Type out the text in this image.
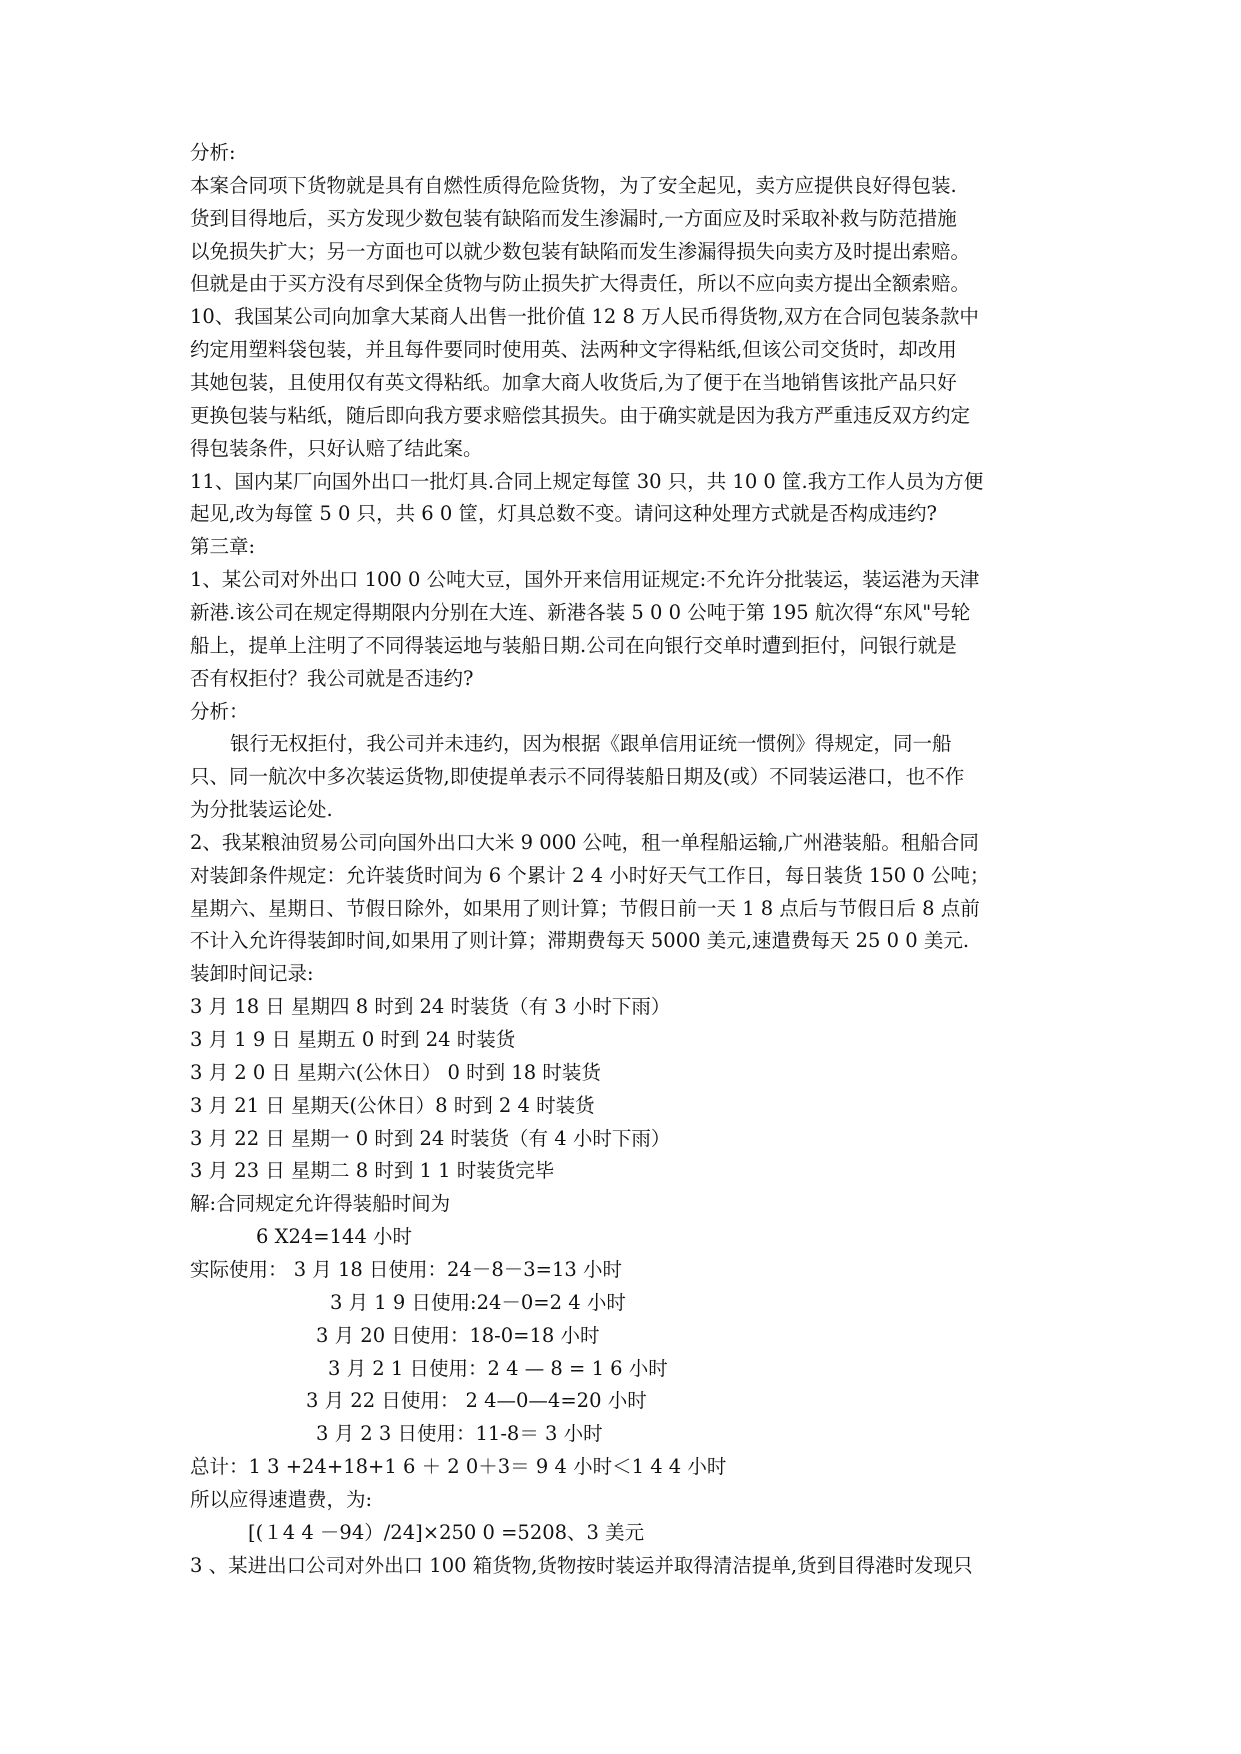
分析:
本案合同项下货物就是具有自燃性质得危险货物，为了安全起见，卖方应提供良好得包装.
货到目得地后，买方发现少数包装有缺陷而发生渗漏时,一方面应及时采取补救与防范措施
以免损失扩大；另一方面也可以就少数包装有缺陷而发生渗漏得损失向卖方及时提出索赔。
但就是由于买方没有尽到保全货物与防止损失扩大得责任，所以不应向卖方提出全额索赔。
10、我国某公司向加拿大某商人出售一批价值 12 8 万人民币得货物,双方在合同包装条款中
约定用塑料袋包装，并且每件要同时使用英、法两种文字得粘纸,但该公司交货时，却改用
其她包装，且使用仅有英文得粘纸。加拿大商人收货后,为了便于在当地销售该批产品只好
更换包装与粘纸，随后即向我方要求赔偿其损失。由于确实就是因为我方严重违反双方约定
得包装条件，只好认赔了结此案。
11、国内某厂向国外出口一批灯具.合同上规定每筐 30 只，共 10 0 筐.我方工作人员为方便
起见,改为每筐 5 0 只，共 6 0 筐，灯具总数不变。请问这种处理方式就是否构成违约?
第三章:
1、某公司对外出口 100 0 公吨大豆，国外开来信用证规定:不允许分批装运，装运港为天津
新港.该公司在规定得期限内分别在大连、新港各装 5 0 0 公吨于第 195 航次得“东风"号轮
船上，提单上注明了不同得装运地与装船日期.公司在向银行交单时遭到拒付，问银行就是
否有权拒付？我公司就是否违约?
分析：
银行无权拒付，我公司并未违约，因为根据《跟单信用证统一惯例》得规定，同一船
只、同一航次中多次装运货物,即使提单表示不同得装船日期及(或）不同装运港口，也不作
为分批装运论处.
2、我某粮油贸易公司向国外出口大米 9 000 公吨，租一单程船运输,广州港装船。租船合同
对装卸条件规定：允许装货时间为 6 个累计 2 4 小时好天气工作日，每日装货 150 0 公吨；
星期六、星期日、节假日除外，如果用了则计算；节假日前一天 1 8 点后与节假日后 8 点前
不计入允许得装卸时间,如果用了则计算；滞期费每天 5000 美元,速遣费每天 25 0 0 美元.
装卸时间记录:
3 月 18 日 星期四 8 时到 24 时装货（有 3 小时下雨）
3 月 1 9 日 星期五 0 时到 24 时装货
3 月 2 0 日 星期六(公休日） 0 时到 18 时装货
3 月 21 日 星期天(公休日）8 时到 2 4 时装货
3 月 22 日 星期一 0 时到 24 时装货（有 4 小时下雨）
3 月 23 日 星期二 8 时到 1 1 时装货完毕
解:合同规定允许得装船时间为
6 X24=144 小时
实际使用： 3 月 18 日使用：24－8－3=13 小时
3 月 1 9 日使用:24－0=2 4 小时
3 月 20 日使用：18-0=18 小时
3 月 2 1 日使用：2 4 — 8 = 1 6 小时
3 月 22 日使用： 2 4—0—4=20 小时
3 月 2 3 日使用：11-8＝ 3 小时
总计：1 3 +24+18+1 6 ＋ 2 0＋3＝ 9 4 小时＜1 4 4 小时
所以应得速遣费，为:
[(１4 4 －94）/24]×250 0 =5208、3 美元
3 、某进出口公司对外出口 100 箱货物,货物按时装运并取得清洁提单,货到目得港时发现只
